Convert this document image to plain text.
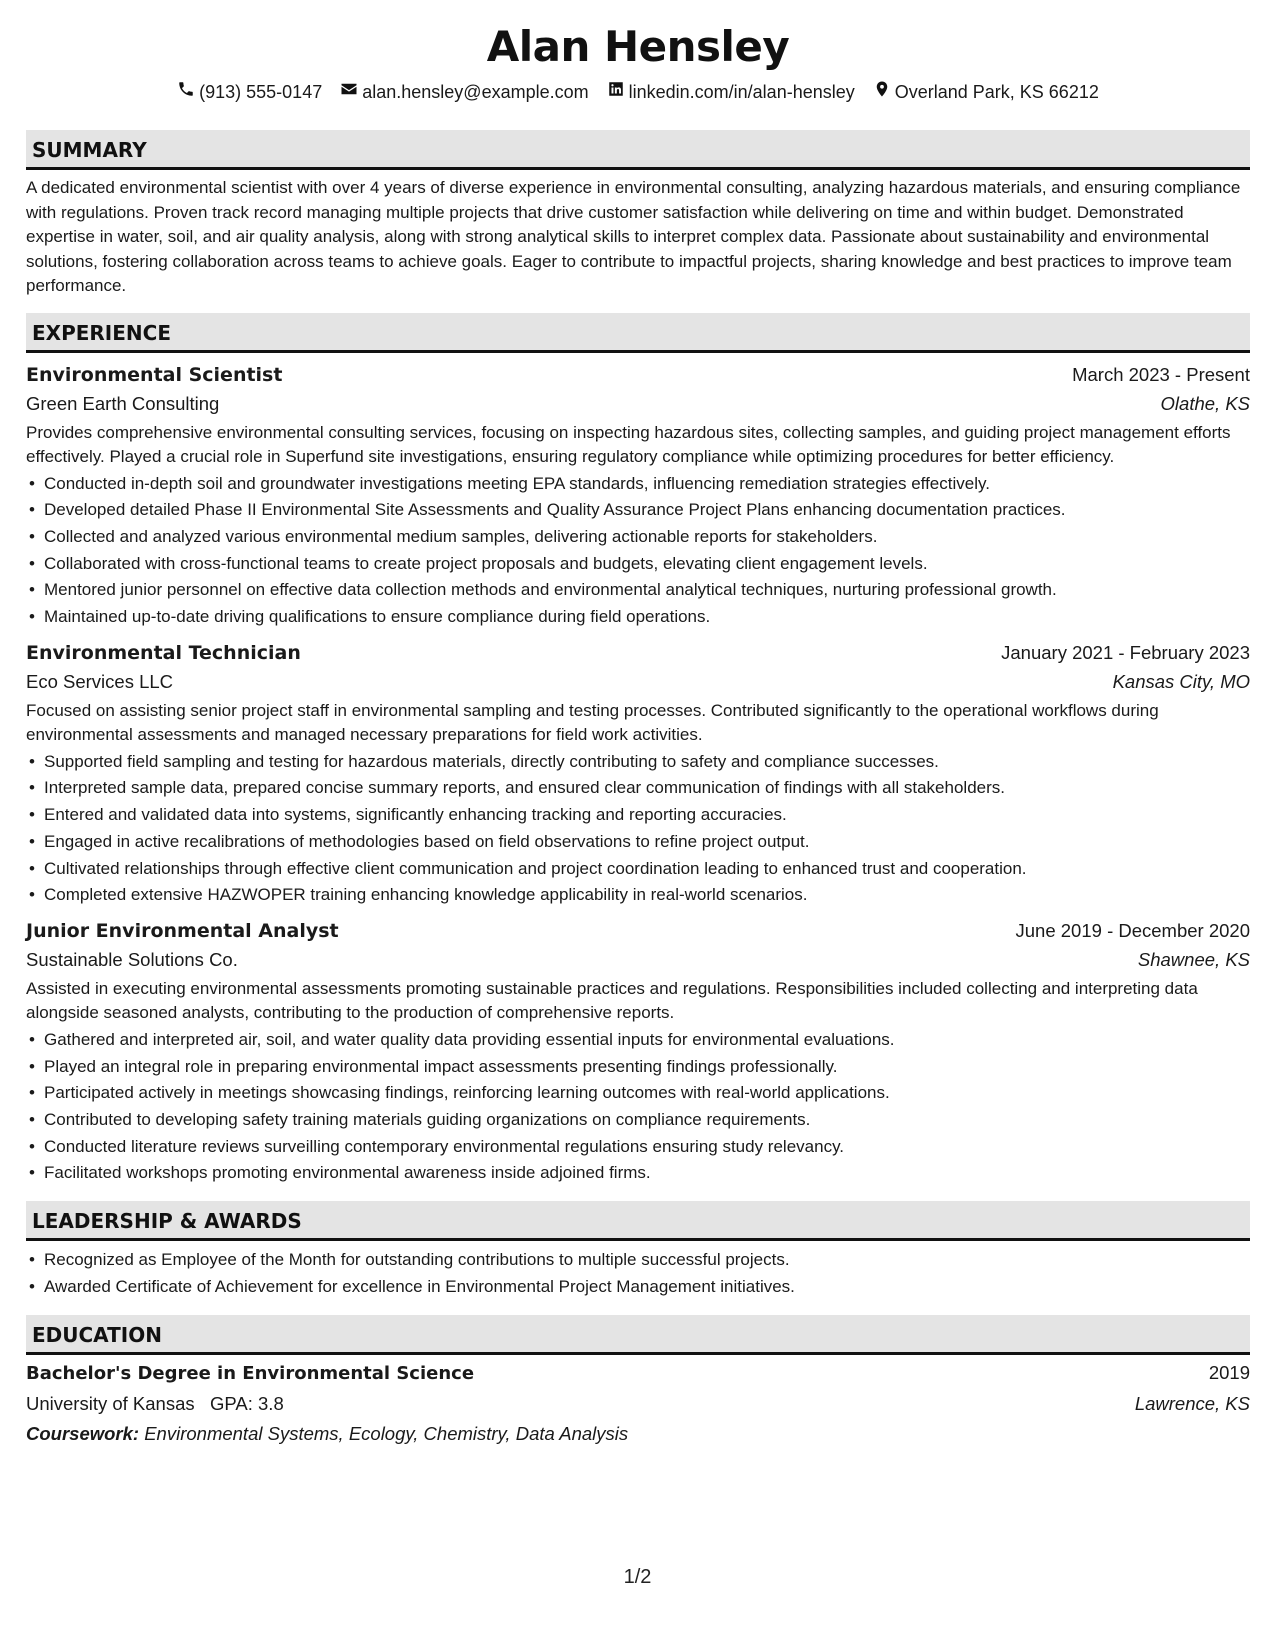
Alan Hensley
(913) 555-0147 alan.hensley@example.com linkedin.com/in/alan-hensley Overland Park, KS 66212
SUMMARY
A dedicated environmental scientist with over 4 years of diverse experience in environmental consulting, analyzing hazardous materials, and ensuring compliance with regulations. Proven track record managing multiple projects that drive customer satisfaction while delivering on time and within budget. Demonstrated expertise in water, soil, and air quality analysis, along with strong analytical skills to interpret complex data. Passionate about sustainability and environmental solutions, fostering collaboration across teams to achieve goals. Eager to contribute to impactful projects, sharing knowledge and best practices to improve team performance.
EXPERIENCE
Environmental Scientist	March 2023 - Present
Green Earth Consulting	Olathe, KS
Provides comprehensive environmental consulting services, focusing on inspecting hazardous sites, collecting samples, and guiding project management efforts effectively. Played a crucial role in Superfund site investigations, ensuring regulatory compliance while optimizing procedures for better efficiency.
• Conducted in-depth soil and groundwater investigations meeting EPA standards, influencing remediation strategies effectively.
• Developed detailed Phase II Environmental Site Assessments and Quality Assurance Project Plans enhancing documentation practices.
• Collected and analyzed various environmental medium samples, delivering actionable reports for stakeholders.
• Collaborated with cross-functional teams to create project proposals and budgets, elevating client engagement levels.
• Mentored junior personnel on effective data collection methods and environmental analytical techniques, nurturing professional growth.
• Maintained up-to-date driving qualifications to ensure compliance during field operations.
Environmental Technician	January 2021 - February 2023
Eco Services LLC	Kansas City, MO
Focused on assisting senior project staff in environmental sampling and testing processes. Contributed significantly to the operational workflows during environmental assessments and managed necessary preparations for field work activities.
• Supported field sampling and testing for hazardous materials, directly contributing to safety and compliance successes.
• Interpreted sample data, prepared concise summary reports, and ensured clear communication of findings with all stakeholders.
• Entered and validated data into systems, significantly enhancing tracking and reporting accuracies.
• Engaged in active recalibrations of methodologies based on field observations to refine project output.
• Cultivated relationships through effective client communication and project coordination leading to enhanced trust and cooperation.
• Completed extensive HAZWOPER training enhancing knowledge applicability in real-world scenarios.
Junior Environmental Analyst	June 2019 - December 2020
Sustainable Solutions Co.	Shawnee, KS
Assisted in executing environmental assessments promoting sustainable practices and regulations. Responsibilities included collecting and interpreting data alongside seasoned analysts, contributing to the production of comprehensive reports.
• Gathered and interpreted air, soil, and water quality data providing essential inputs for environmental evaluations.
• Played an integral role in preparing environmental impact assessments presenting findings professionally.
• Participated actively in meetings showcasing findings, reinforcing learning outcomes with real-world applications.
• Contributed to developing safety training materials guiding organizations on compliance requirements.
• Conducted literature reviews surveilling contemporary environmental regulations ensuring study relevancy.
• Facilitated workshops promoting environmental awareness inside adjoined firms.
LEADERSHIP & AWARDS
• Recognized as Employee of the Month for outstanding contributions to multiple successful projects.
• Awarded Certificate of Achievement for excellence in Environmental Project Management initiatives.
EDUCATION
Bachelor's Degree in Environmental Science	2019
University of Kansas GPA: 3.8	Lawrence, KS
Coursework: Environmental Systems, Ecology, Chemistry, Data Analysis
1/2
